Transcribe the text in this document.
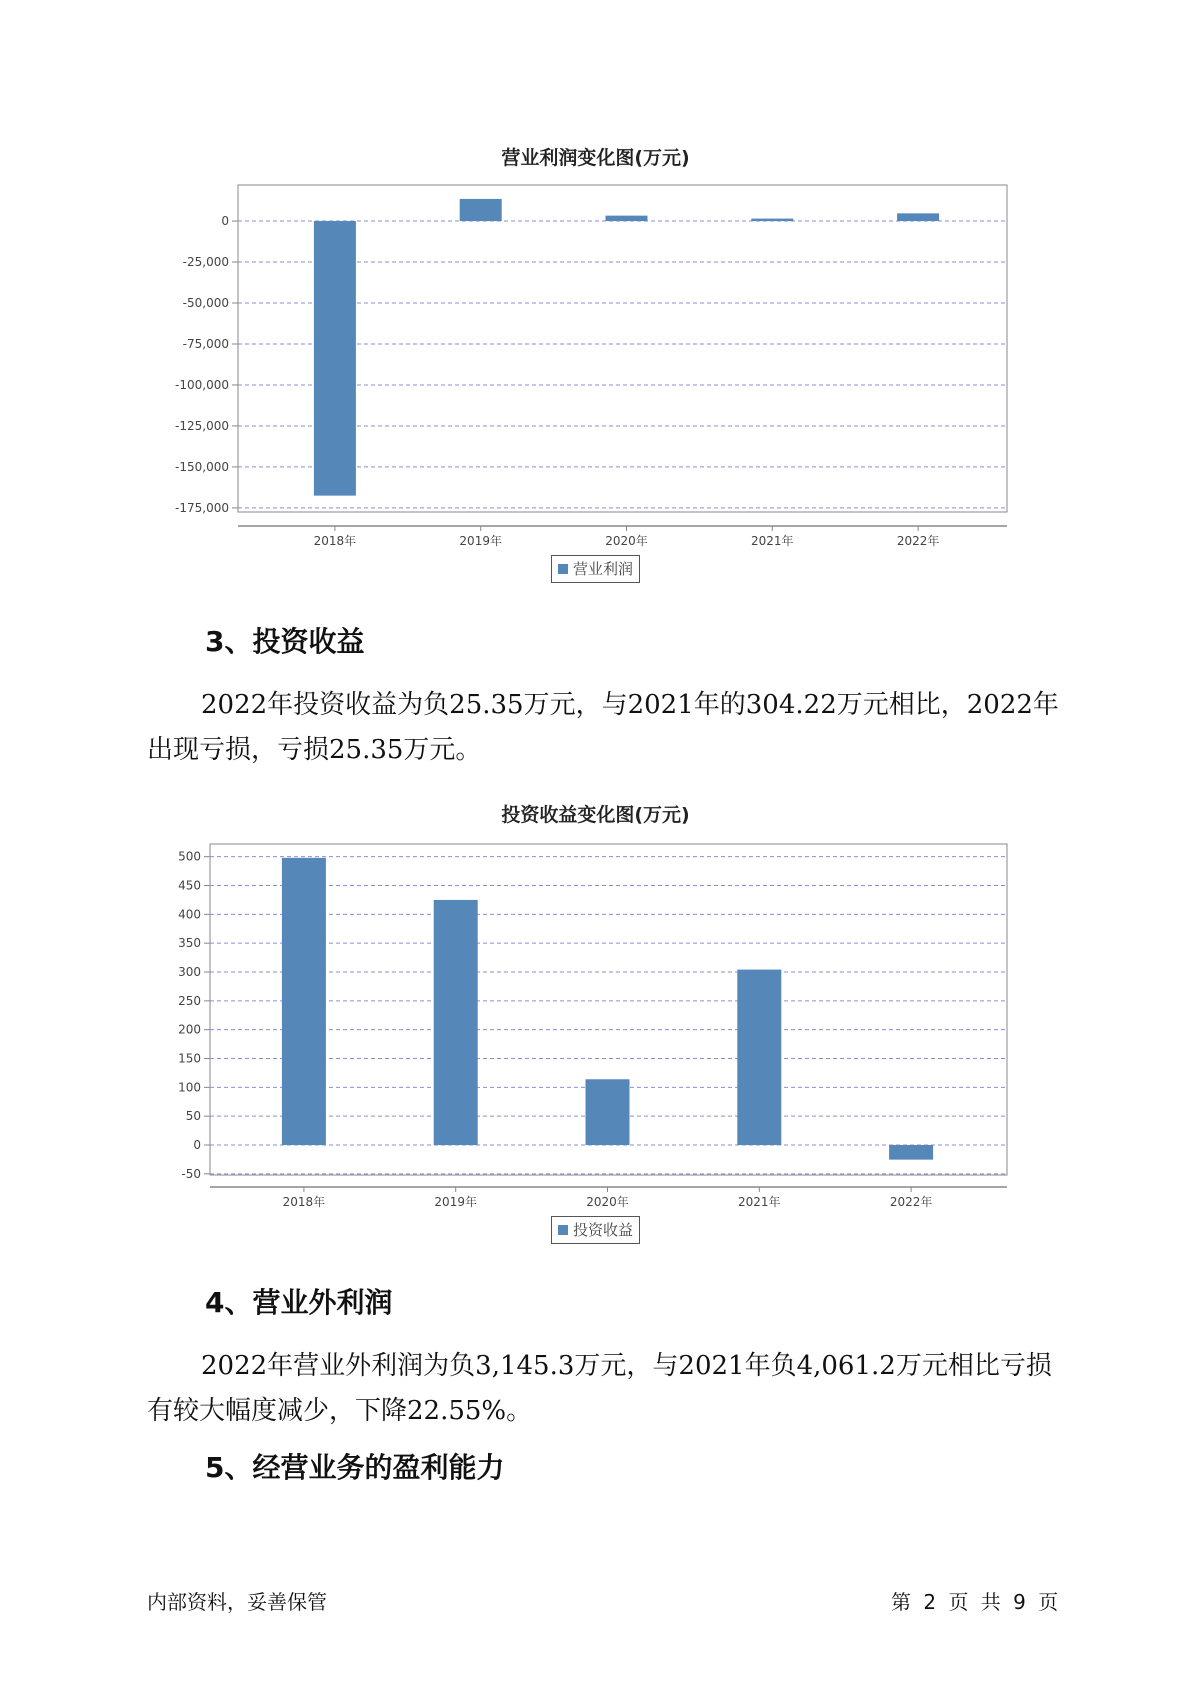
营业利润变化图(万元)
0
-25,000
-50,000
-75,000
-100,000
-125,000
-150,000
-175,000
2018年	2019年	2020年	2021年	2022年
营业利润
3、投资收益
2022年投资收益为负25.35万元，与2021年的304.22万元相比，2022年出现亏损，亏损25.35万元。
投资收益变化图(万元)
500
450
400
350
300
250
200
150
100
50
0
-50
2018年	2019年	2020年	2021年	2022年
投资收益
4、营业外利润
2022年营业外利润为负3,145.3万元，与2021年负4,061.2万元相比亏损有较大幅度减少，下降22.55%。
5、经营业务的盈利能力
内部资料，妥善保管	第 2 页 共 9 页
